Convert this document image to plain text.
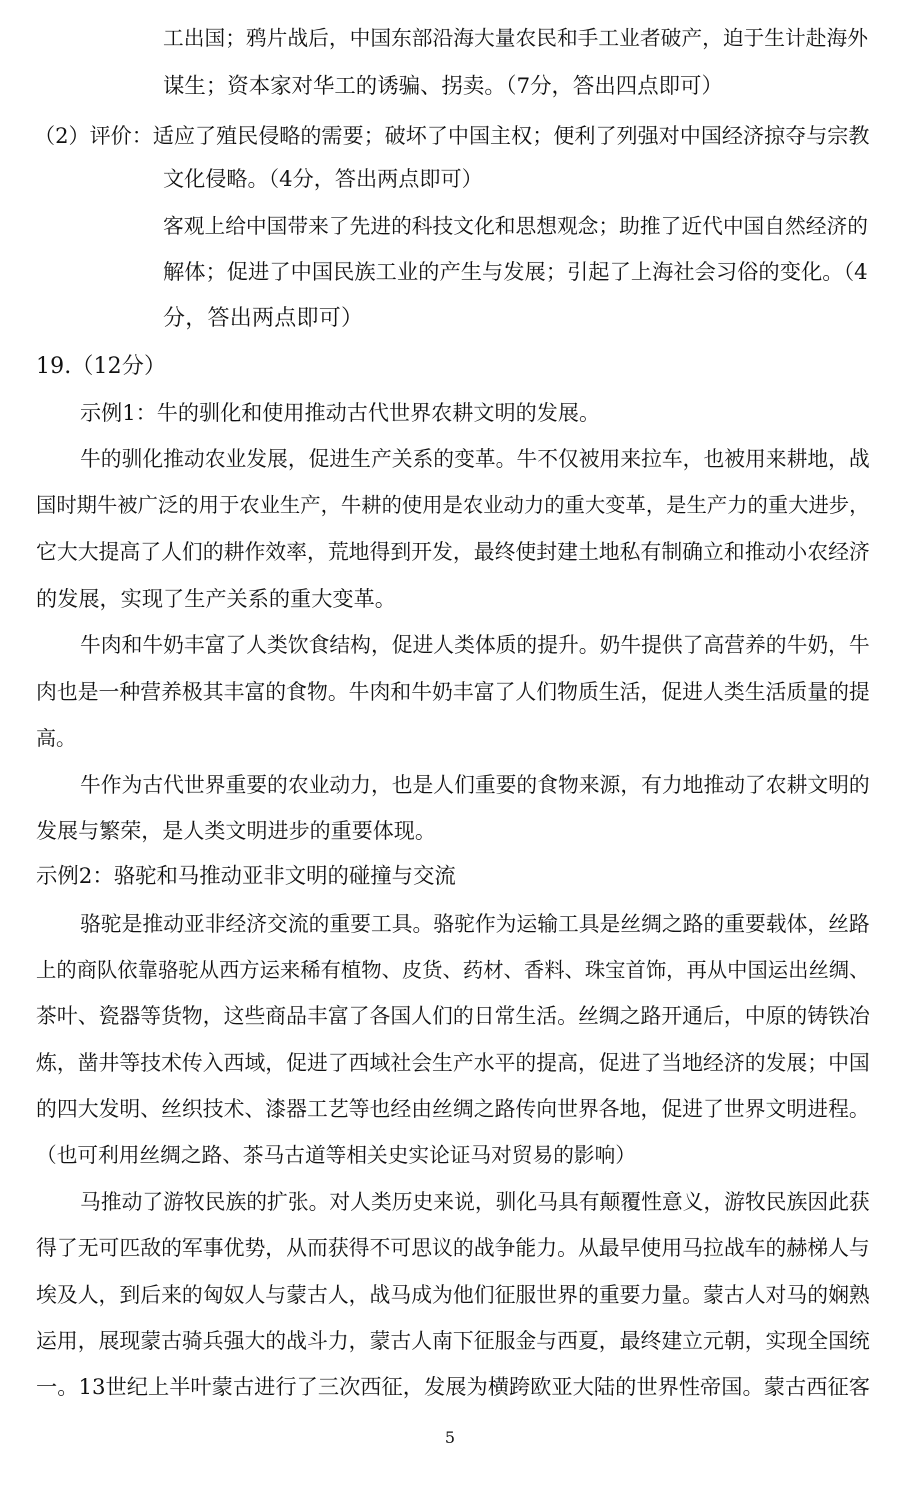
工出国；鸦片战后，中国东部沿海大量农民和手工业者破产，迫于生计赴海外
谋生；资本家对华工的诱骗、拐卖。（7分，答出四点即可）
（2）评价：适应了殖民侵略的需要；破坏了中国主权；便利了列强对中国经济掠夺与宗教
文化侵略。（4分，答出两点即可）
客观上给中国带来了先进的科技文化和思想观念；助推了近代中国自然经济的
解体；促进了中国民族工业的产生与发展；引起了上海社会习俗的变化。（4
分，答出两点即可）
19.（12分）
示例1：牛的驯化和使用推动古代世界农耕文明的发展。
牛的驯化推动农业发展，促进生产关系的变革。牛不仅被用来拉车，也被用来耕地，战
国时期牛被广泛的用于农业生产，牛耕的使用是农业动力的重大变革，是生产力的重大进步，
它大大提高了人们的耕作效率，荒地得到开发，最终使封建土地私有制确立和推动小农经济
的发展，实现了生产关系的重大变革。
牛肉和牛奶丰富了人类饮食结构，促进人类体质的提升。奶牛提供了高营养的牛奶，牛
肉也是一种营养极其丰富的食物。牛肉和牛奶丰富了人们物质生活，促进人类生活质量的提
高。
牛作为古代世界重要的农业动力，也是人们重要的食物来源，有力地推动了农耕文明的
发展与繁荣，是人类文明进步的重要体现。
示例2：骆驼和马推动亚非文明的碰撞与交流
骆驼是推动亚非经济交流的重要工具。骆驼作为运输工具是丝绸之路的重要载体，丝路
上的商队依靠骆驼从西方运来稀有植物、皮货、药材、香料、珠宝首饰，再从中国运出丝绸、
茶叶、瓷器等货物，这些商品丰富了各国人们的日常生活。丝绸之路开通后，中原的铸铁冶
炼，凿井等技术传入西域，促进了西域社会生产水平的提高，促进了当地经济的发展；中国
的四大发明、丝织技术、漆器工艺等也经由丝绸之路传向世界各地，促进了世界文明进程。
（也可利用丝绸之路、茶马古道等相关史实论证马对贸易的影响）
马推动了游牧民族的扩张。对人类历史来说，驯化马具有颠覆性意义，游牧民族因此获
得了无可匹敌的军事优势，从而获得不可思议的战争能力。从最早使用马拉战车的赫梯人与
埃及人，到后来的匈奴人与蒙古人，战马成为他们征服世界的重要力量。蒙古人对马的娴熟
运用，展现蒙古骑兵强大的战斗力，蒙古人南下征服金与西夏，最终建立元朝，实现全国统
一。13世纪上半叶蒙古进行了三次西征，发展为横跨欧亚大陆的世界性帝国。蒙古西征客
5
